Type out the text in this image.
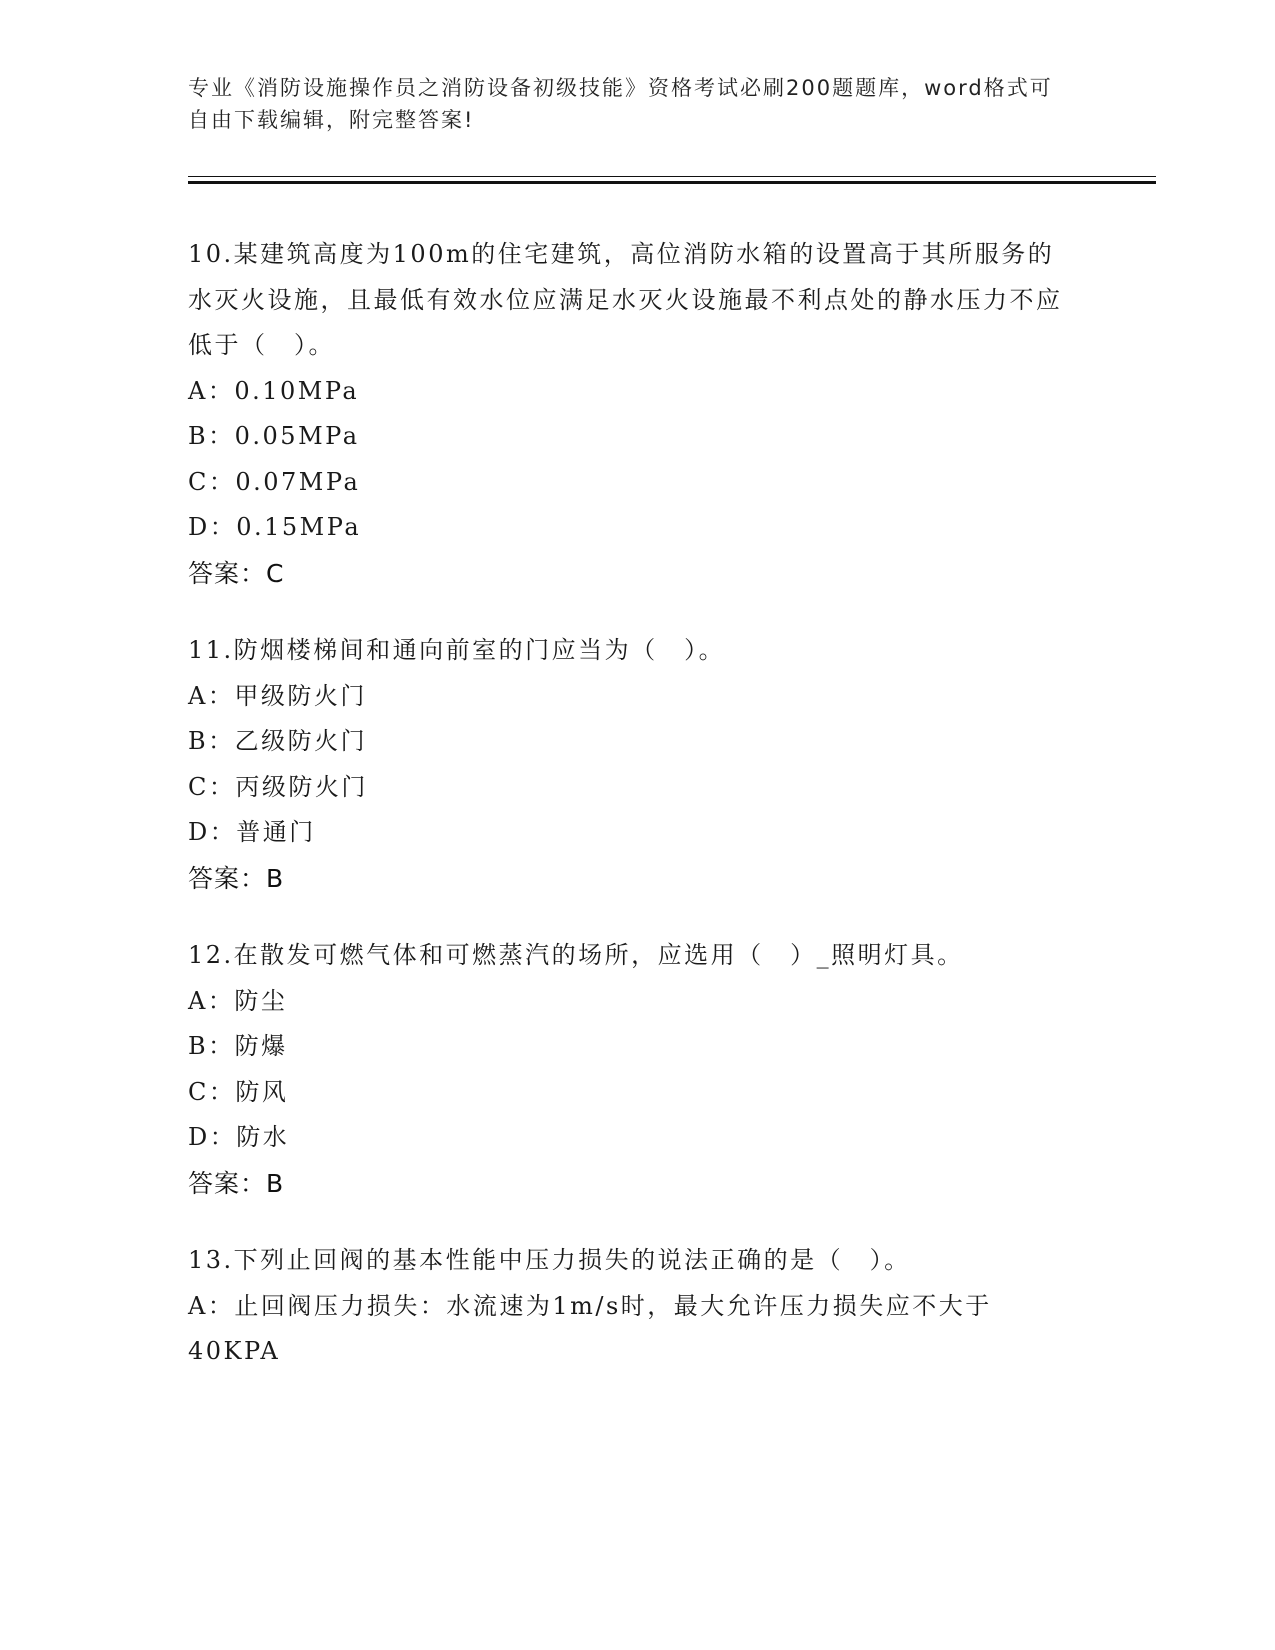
专业《消防设施操作员之消防设备初级技能》资格考试必刷200题题库，word格式可自由下载编辑，附完整答案!
10.某建筑高度为100m的住宅建筑，高位消防水箱的设置高于其所服务的水灭火设施，且最低有效水位应满足水灭火设施最不利点处的静水压力不应低于（　）。
A：0.10MPa
B：0.05MPa
C：0.07MPa
D：0.15MPa
答案：C
11.防烟楼梯间和通向前室的门应当为（　）。
A：甲级防火门
B：乙级防火门
C：丙级防火门
D：普通门
答案：B
12.在散发可燃气体和可燃蒸汽的场所，应选用（　）_照明灯具。
A：防尘
B：防爆
C：防风
D：防水
答案：B
13.下列止回阀的基本性能中压力损失的说法正确的是（　）。
A：止回阀压力损失：水流速为1m/s时，最大允许压力损失应不大于40KPA
